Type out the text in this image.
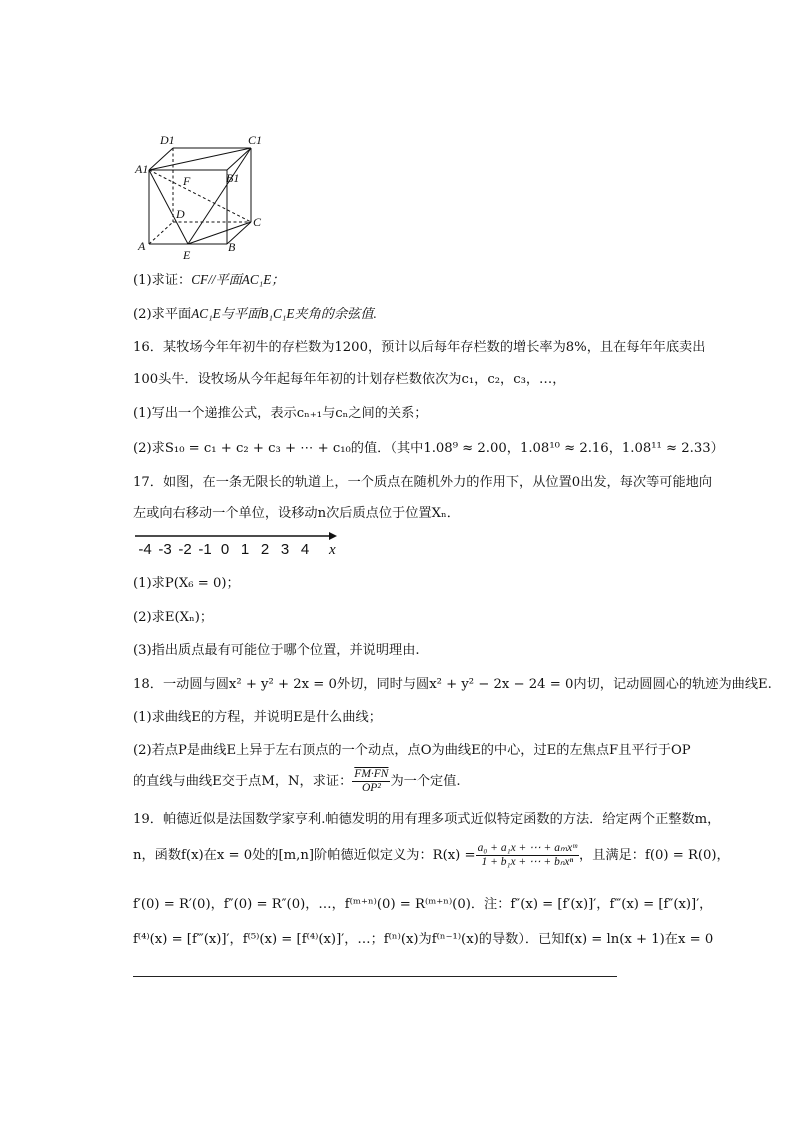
D1	C1
A1
B1
F
D
C
A	B
E
(1)求证：CF//平面AC₁E；
(2)求平面AC₁E与平面B₁C₁E夹角的余弦值.
16．某牧场今年年初牛的存栏数为1200，预计以后每年存栏数的增长率为8%，且在每年年底卖出
100头牛．设牧场从今年起每年年初的计划存栏数依次为c₁，c₂，c₃，…，
(1)写出一个递推公式，表示cₙ₊₁与cₙ之间的关系；
(2)求S₁₀ = c₁ + c₂ + c₃ + ⋯ + c₁₀的值．（其中1.08⁹ ≈ 2.00，1.08¹⁰ ≈ 2.16，1.08¹¹ ≈ 2.33）
17．如图，在一条无限长的轨道上，一个质点在随机外力的作用下，从位置0出发，每次等可能地向
左或向右移动一个单位，设移动n次后质点位于位置Xₙ．
-4 -3 -2 -1 0 1 2 3 4 x
(1)求P(X₆ = 0)；
(2)求E(Xₙ)；
(3)指出质点最有可能位于哪个位置，并说明理由.
18．一动圆与圆x² + y² + 2x = 0外切，同时与圆x² + y² − 2x − 24 = 0内切，记动圆圆心的轨迹为曲线E.
(1)求曲线E的方程，并说明E是什么曲线；
(2)若点P是曲线E上异于左右顶点的一个动点，点O为曲线E的中心，过E的左焦点F且平行于OP
的直线与曲线E交于点M，N，求证： $\frac{FM\cdot FN}{\text{OP²}}$ 为一个定值.
19．帕德近似是法国数学家亨利.帕德发明的用有理多项式近似特定函数的方法．给定两个正整数m，
n，函数f(x)在x = 0处的[m,n]阶帕德近似定义为：$R(x) = \frac{\text{a₀ + a₁x + ⋯ + aₘxᵐ}}{\text{1 + b₁x + ⋯ + bₙxⁿ}}$ ，且满足：f(0) = R(0)，
f′(0) = R′(0)，f″(0) = R″(0)，…，f⁽ᵐ⁺ⁿ⁾(0) = R⁽ᵐ⁺ⁿ⁾(0)．注：f″(x) = [f′(x)]′，f‴(x) = [f″(x)]′，
f⁽⁴⁾(x) = [f‴(x)]′，f⁽⁵⁾(x) = [f⁽⁴⁾(x)]′，…；f⁽ⁿ⁾(x)为f⁽ⁿ⁻¹⁾(x)的导数）．已知f(x) = ln(x + 1)在x = 0
